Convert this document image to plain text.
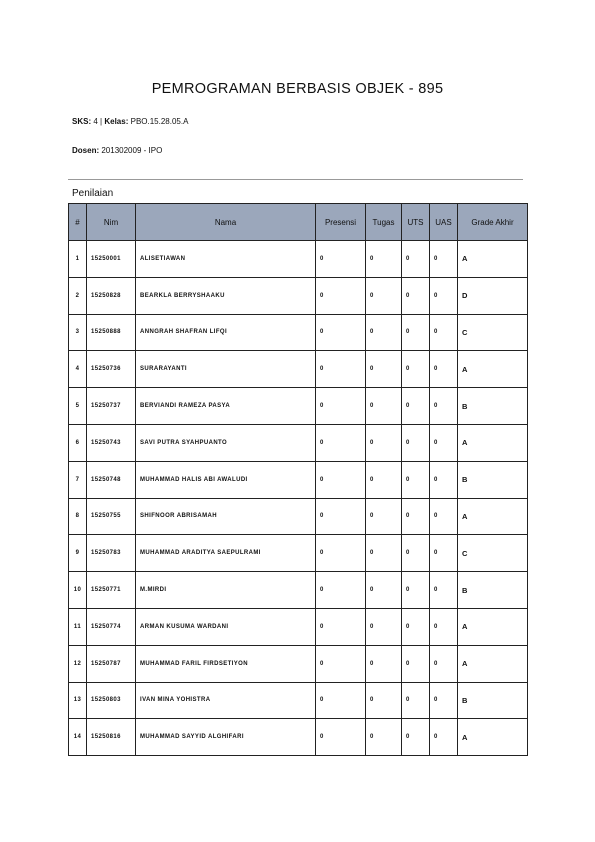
PEMROGRAMAN BERBASIS OBJEK - 895
SKS: 4 | Kelas: PBO.15.28.05.A
Dosen: 201302009 - IPO
Penilaian
#	Nim	Nama	Presensi	Tugas	UTS	UAS	Grade Akhir
1	15250001	ALISETIAWAN	0	0	0	0	A
2	15250828	BEARKLA BERRYSHAAKU	0	0	0	0	D
3	15250888	ANNGRAH SHAFRAN LIFQI	0	0	0	0	C
4	15250736	SURARAYANTI	0	0	0	0	A
5	15250737	BERVIANDI RAMEZA PASYA	0	0	0	0	B
6	15250743	SAVI PUTRA SYAHPUANTO	0	0	0	0	A
7	15250748	MUHAMMAD HALIS ABI AWALUDI	0	0	0	0	B
8	15250755	SHIFNOOR ABRISAMAH	0	0	0	0	A
9	15250783	MUHAMMAD ARADITYA SAEPULRAMI	0	0	0	0	C
10	15250771	M.MIRDI	0	0	0	0	B
11	15250774	ARMAN KUSUMA WARDANI	0	0	0	0	A
12	15250787	MUHAMMAD FARIL FIRDSETIYON	0	0	0	0	A
13	15250803	IVAN MINA YOHISTRA	0	0	0	0	B
14	15250816	MUHAMMAD SAYYID ALGHIFARI	0	0	0	0	A
